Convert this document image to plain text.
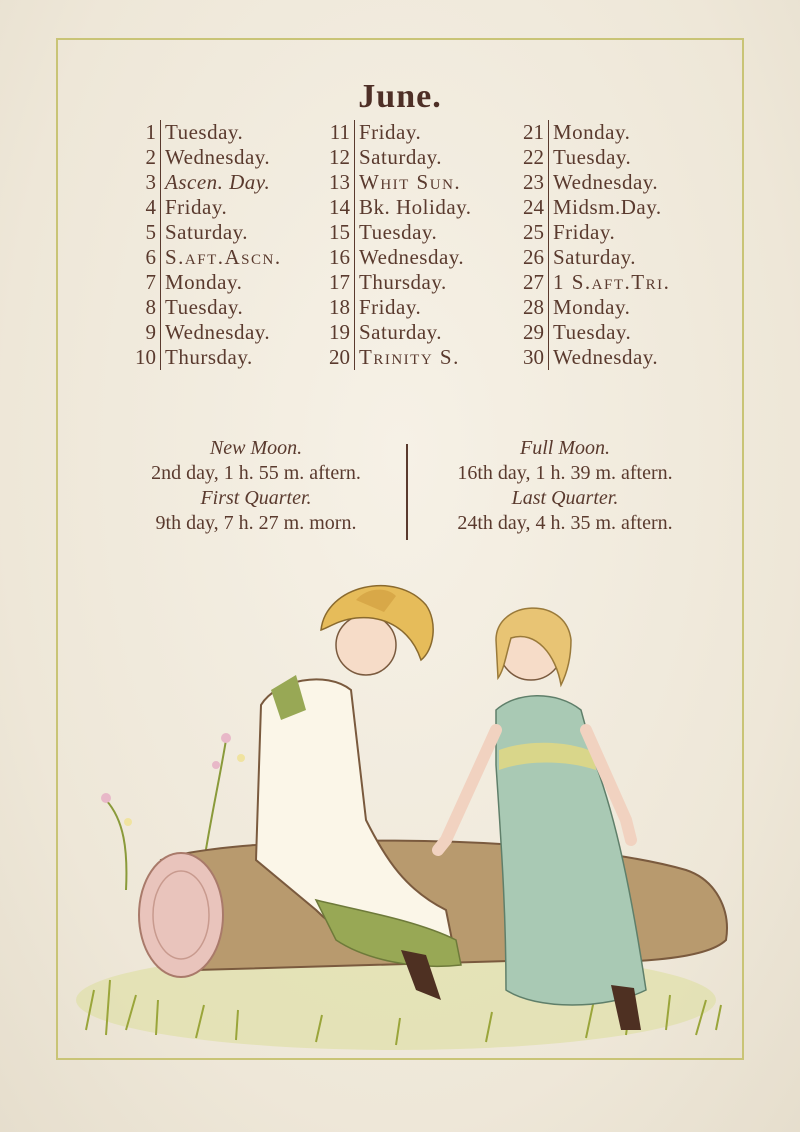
June.
1 Tuesday.
2 Wednesday.
3 Ascen. Day.
4 Friday.
5 Saturday.
6 S.aft.Ascn.
7 Monday.
8 Tuesday.
9 Wednesday.
10 Thursday.
11 Friday.
12 Saturday.
13 Whit Sun.
14 Bk. Holiday.
15 Tuesday.
16 Wednesday.
17 Thursday.
18 Friday.
19 Saturday.
20 Trinity S.
21 Monday.
22 Tuesday.
23 Wednesday.
24 Midsm.Day.
25 Friday.
26 Saturday.
27 1 S.aft.Tri.
28 Monday.
29 Tuesday.
30 Wednesday.
New Moon.
2nd day, 1 h. 55 m. aftern.
First Quarter.
9th day, 7 h. 27 m. morn.
Full Moon.
16th day, 1 h. 39 m. aftern.
Last Quarter.
24th day, 4 h. 35 m. aftern.
